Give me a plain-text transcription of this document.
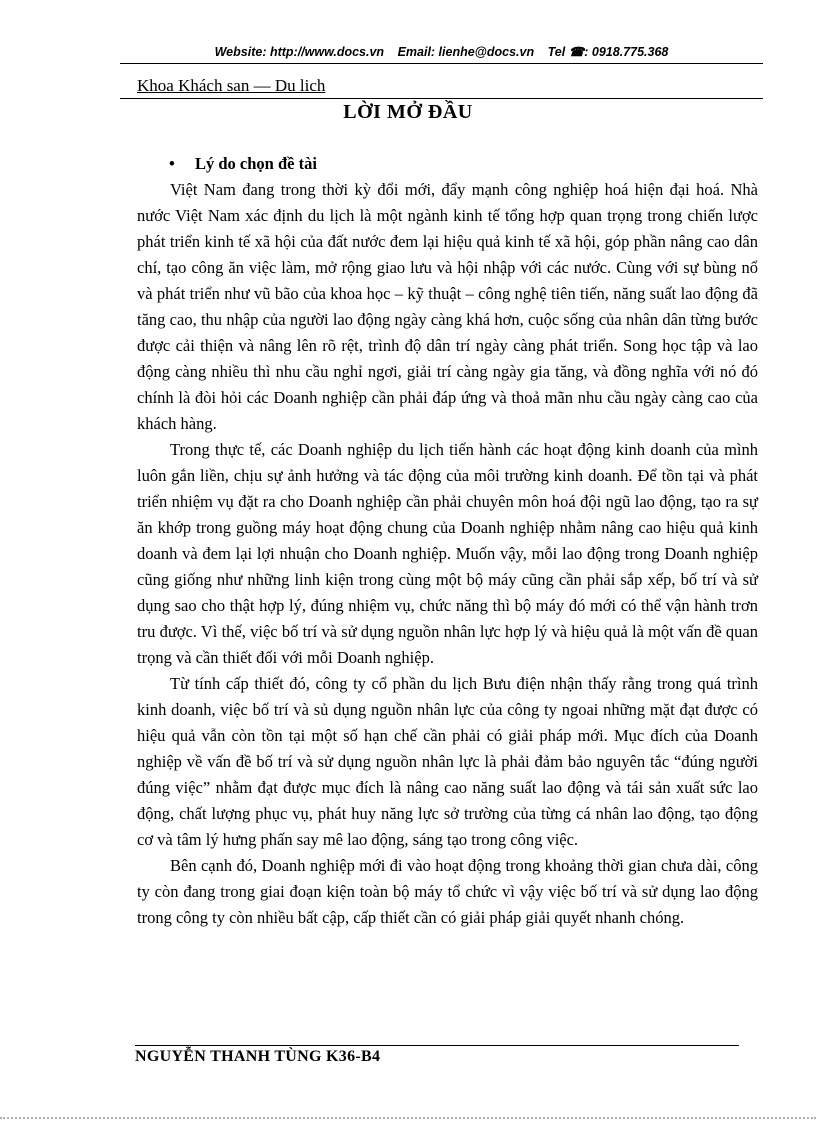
Website: http://www.docs.vn Email: lienhe@docs.vn Tel ☎: 0918.775.368
Khoa Khách san — Du lich
LỜI MỞ ĐẦU
• Lý do chọn đề tài

Việt Nam đang trong thời kỳ đổi mới, đẩy mạnh công nghiệp hoá hiện đại hoá. Nhà nước Việt Nam xác định du lịch là một ngành kinh tế tổng hợp quan trọng trong chiến lược phát triển kinh tế xã hội của đất nước đem lại hiệu quả kinh tế xã hội, góp phần nâng cao dân chí, tạo công ăn việc làm, mở rộng giao lưu và hội nhập với các nước. Cùng với sự bùng nổ và phát triển như vũ bão của khoa học – kỹ thuật – công nghệ tiên tiến, năng suất lao động đã tăng cao, thu nhập của người lao động ngày càng khá hơn, cuộc sống của nhân dân từng bước được cải thiện và nâng lên rõ rệt, trình độ dân trí ngày càng phát triển. Song học tập và lao động càng nhiều thì nhu cầu nghỉ ngơi, giải trí càng ngày gia tăng, và đồng nghĩa với nó đó chính là đòi hỏi các Doanh nghiệp cần phải đáp ứng và thoả mãn nhu cầu ngày càng cao của khách hàng.

Trong thực tế, các Doanh nghiệp du lịch tiến hành các hoạt động kinh doanh của mình luôn gắn liền, chịu sự ảnh hưởng và tác động của môi trường kinh doanh. Để tồn tại và phát triển nhiệm vụ đặt ra cho Doanh nghiệp cần phải chuyên môn hoá đội ngũ lao động, tạo ra sự ăn khớp trong guồng máy hoạt động chung của Doanh nghiệp nhằm nâng cao hiệu quả kinh doanh và đem lại lợi nhuận cho Doanh nghiệp. Muốn vậy, mỗi lao động trong Doanh nghiệp cũng giống như những linh kiện trong cùng một bộ máy cũng cần phải sắp xếp, bố trí và sử dụng sao cho thật hợp lý, đúng nhiệm vụ, chức năng thì bộ máy đó mới có thể vận hành trơn tru được. Vì thế, việc bố trí và sử dụng nguồn nhân lực hợp lý và hiệu quả là một vấn đề quan trọng và cần thiết đối với mỗi Doanh nghiệp.

Từ tính cấp thiết đó, công ty cổ phần du lịch Bưu điện nhận thấy rằng trong quá trình kinh doanh, việc bố trí và sủ dụng nguồn nhân lực của công ty ngoai những mặt đạt được có hiệu quả vẫn còn tồn tại một số hạn chế cần phải có giải pháp mới. Mục đích của Doanh nghiệp về vấn đề bố trí và sử dụng nguồn nhân lực là phải đảm bảo nguyên tắc “đúng người đúng việc” nhằm đạt được mục đích là nâng cao năng suất lao động và tái sản xuất sức lao động, chất lượng phục vụ, phát huy năng lực sở trường của từng cá nhân lao động, tạo động cơ và tâm lý hưng phấn say mê lao động, sáng tạo trong công việc.

Bên cạnh đó, Doanh nghiệp mới đi vào hoạt động trong khoảng thời gian chưa dài, công ty còn đang trong giai đoạn kiện toàn bộ máy tổ chức vì vậy việc bố trí và sử dụng lao động trong công ty còn nhiều bất cập, cấp thiết cần có giải pháp giải quyết nhanh chóng.

NGUYỄN THANH TÙNG K36-B4
